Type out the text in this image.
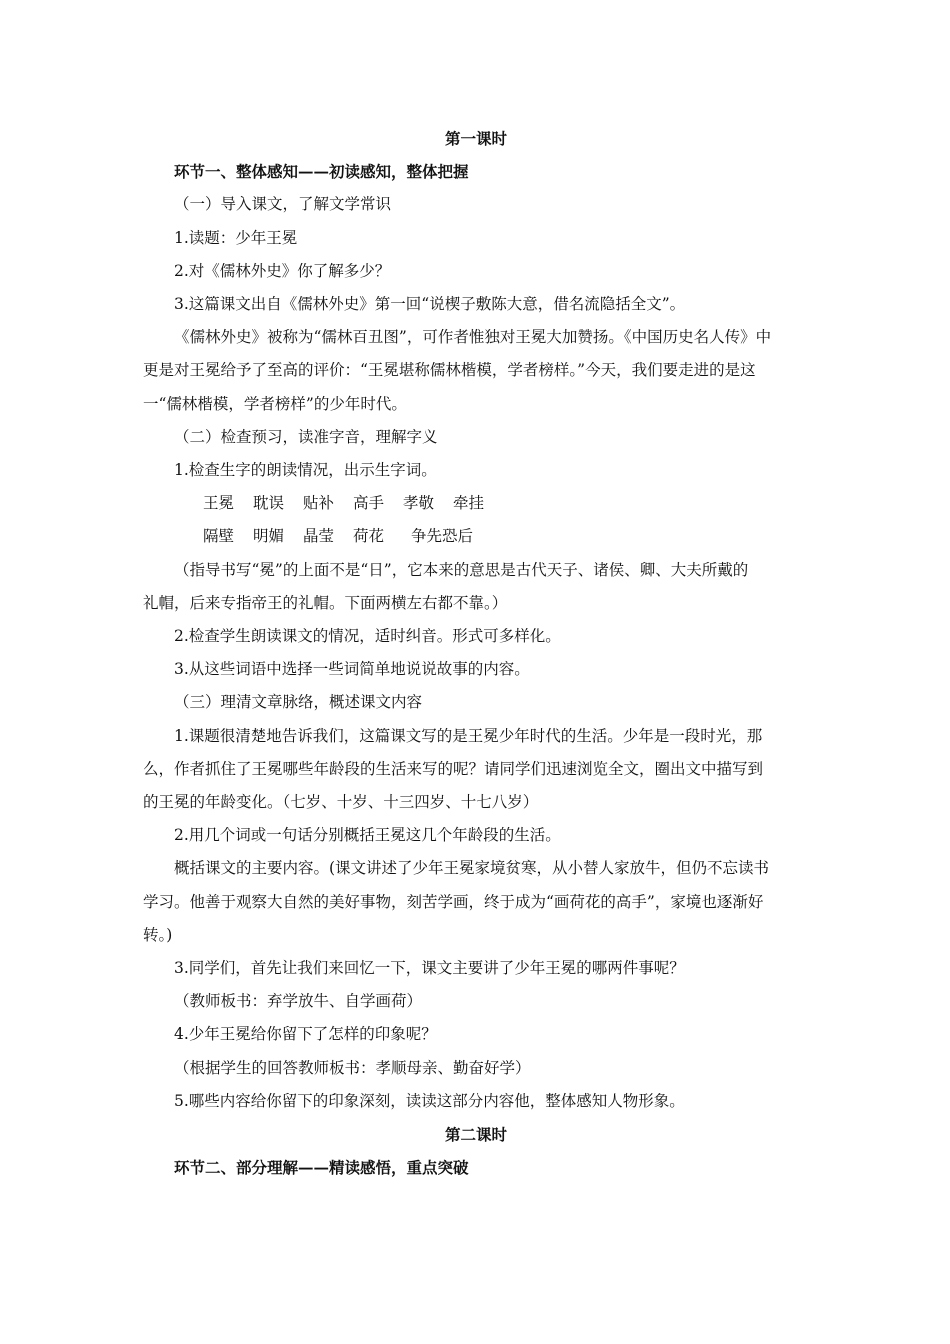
第一课时

环节一、整体感知——初读感知，整体把握

（一）导入课文，了解文学常识

1.读题：少年王冕

2.对《儒林外史》你了解多少？

3.这篇课文出自《儒林外史》第一回“说楔子敷陈大意，借名流隐括全文”。

《儒林外史》被称为“儒林百丑图”，可作者惟独对王冕大加赞扬。《中国历史名人传》中

更是对王冕给予了至高的评价：“王冕堪称儒林楷模，学者榜样。”今天，我们要走进的是这

一“儒林楷模，学者榜样”的少年时代。

（二）检查预习，读准字音，理解字义

1.检查生字的朗读情况，出示生字词。

王冕	耽误	贴补	高手	孝敬	牵挂
隔壁	明媚	晶莹	荷花	争先恐后

（指导书写“冕”的上面不是“日”，它本来的意思是古代天子、诸侯、卿、大夫所戴的

礼帽，后来专指帝王的礼帽。下面两横左右都不靠。）

2.检查学生朗读课文的情况，适时纠音。形式可多样化。

3.从这些词语中选择一些词简单地说说故事的内容。

（三）理清文章脉络，概述课文内容

1.课题很清楚地告诉我们，这篇课文写的是王冕少年时代的生活。少年是一段时光，那

么，作者抓住了王冕哪些年龄段的生活来写的呢？请同学们迅速浏览全文，圈出文中描写到

的王冕的年龄变化。（七岁、十岁、十三四岁、十七八岁）

2.用几个词或一句话分别概括王冕这几个年龄段的生活。

概括课文的主要内容。(课文讲述了少年王冕家境贫寒，从小替人家放牛，但仍不忘读书

学习。他善于观察大自然的美好事物，刻苦学画，终于成为“画荷花的高手”，家境也逐渐好

转。)

3.同学们，首先让我们来回忆一下，课文主要讲了少年王冕的哪两件事呢？

（教师板书：弃学放牛、自学画荷）

4.少年王冕给你留下了怎样的印象呢？

（根据学生的回答教师板书：孝顺母亲、勤奋好学）

5.哪些内容给你留下的印象深刻，读读这部分内容他，整体感知人物形象。

第二课时

环节二、部分理解——精读感悟，重点突破
